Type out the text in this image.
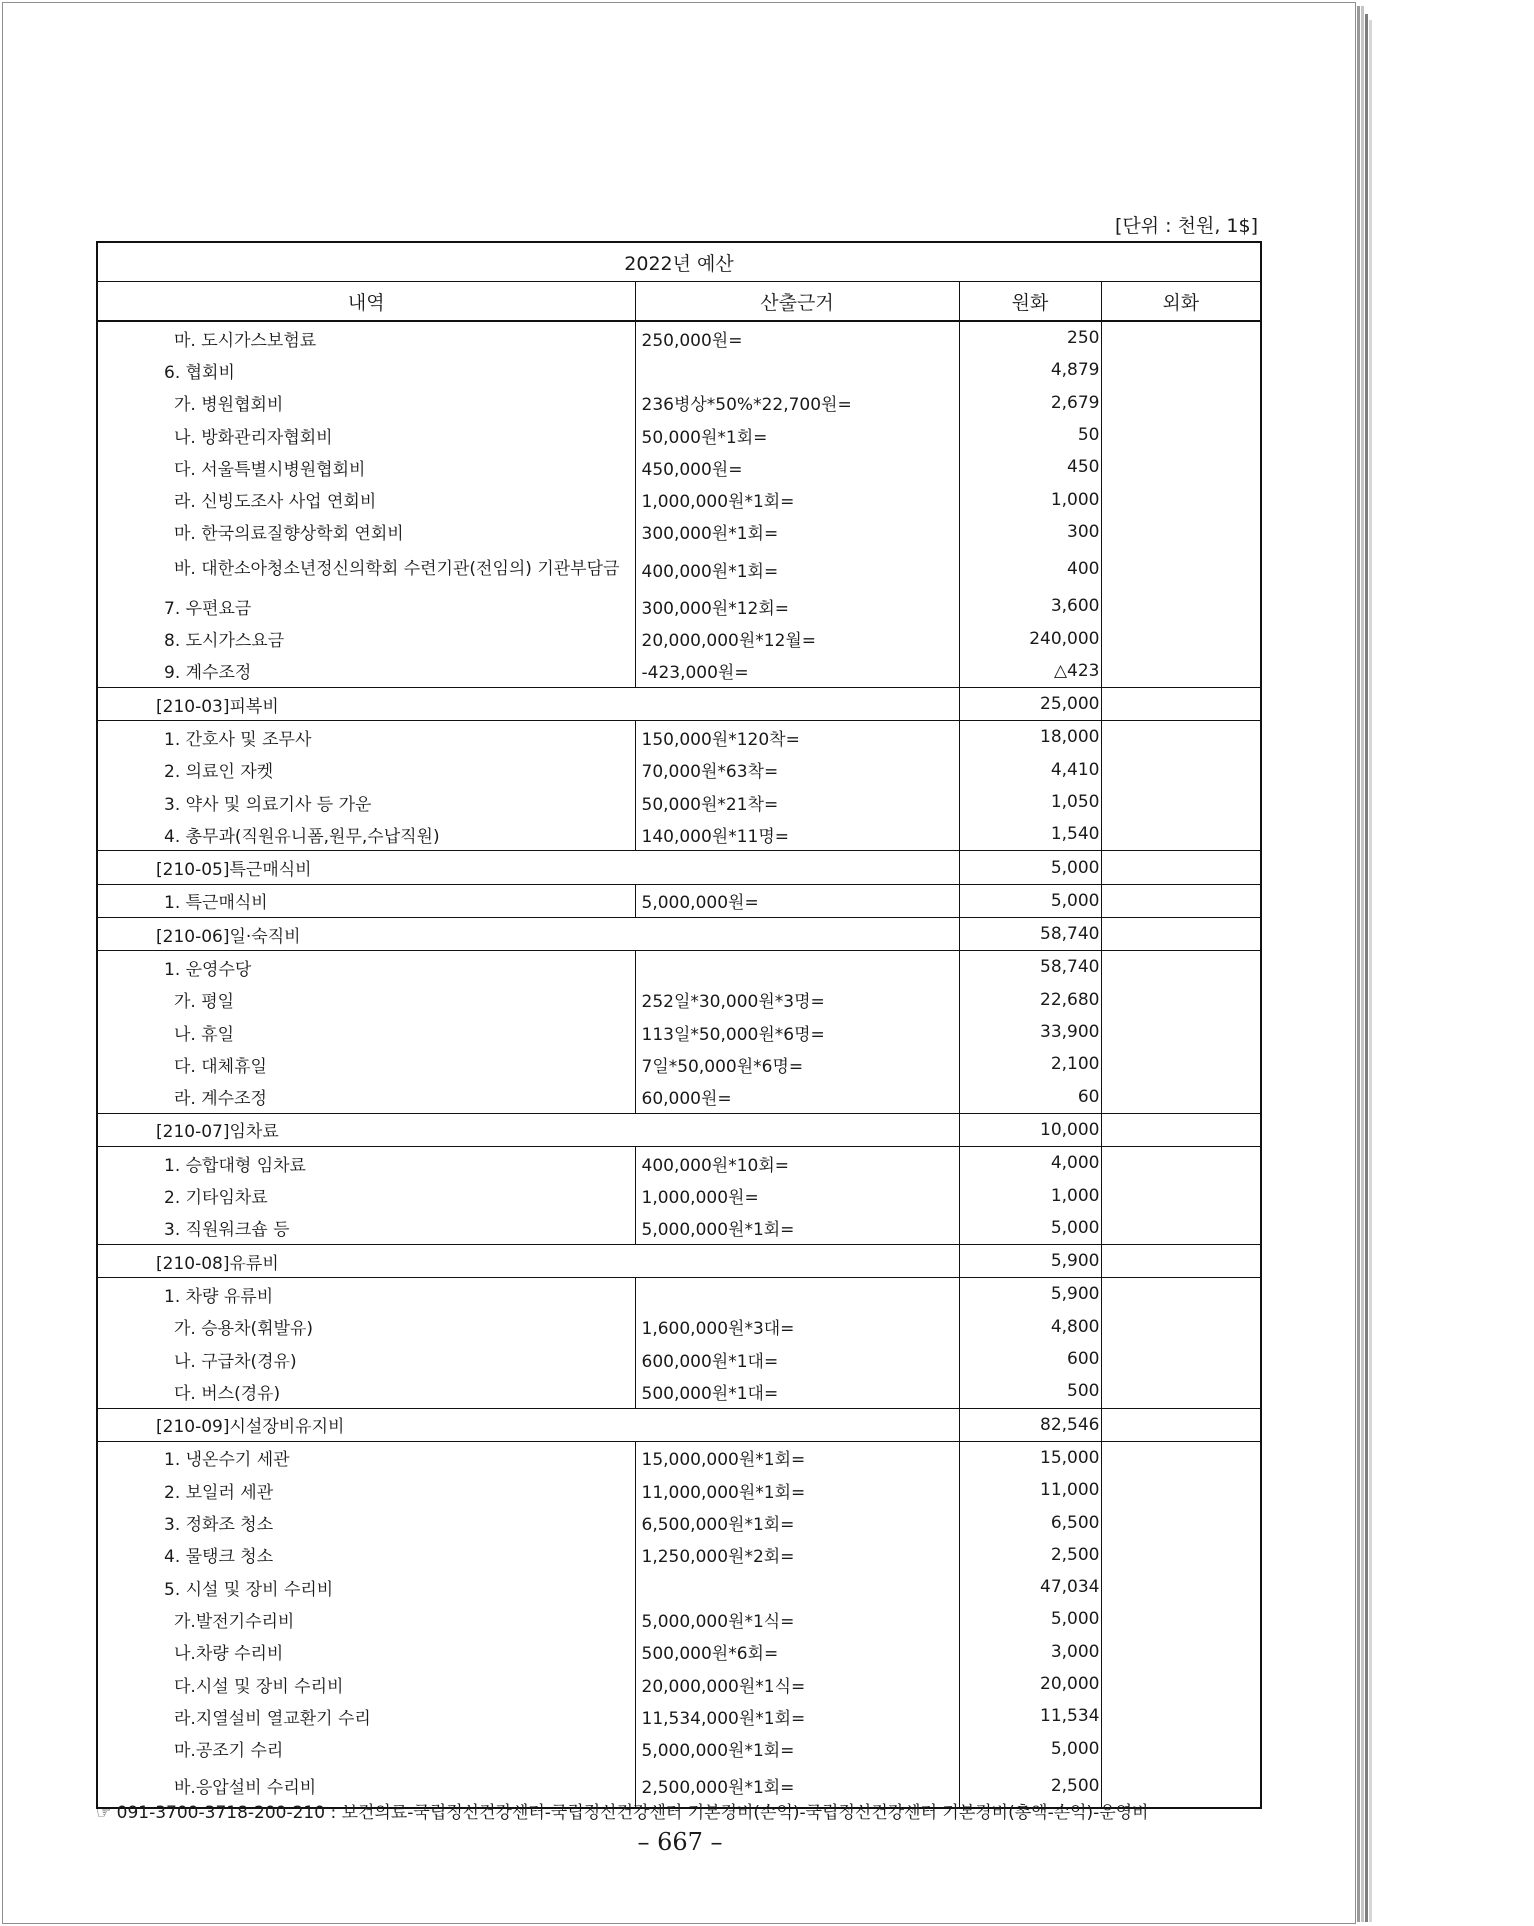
[단위 : 천원, 1$]
2022년 예산			
내역	산출근거	원화	외화
마. 도시가스보험료	250,000원=	250	
6. 협회비		4,879	
가. 병원협회비	236병상*50%*22,700원=	2,679	
나. 방화관리자협회비	50,000원*1회=	50	
다. 서울특별시병원협회비	450,000원=	450	
라. 신빙도조사 사업 연회비	1,000,000원*1회=	1,000	
마. 한국의료질향상학회 연회비	300,000원*1회=	300	

바. 대한소아청소년정신의학회 수련기관(전임의) 기관부담금	400,000원*1회=	400	
7. 우편요금	300,000원*12회=	3,600	
8. 도시가스요금	20,000,000원*12월=	240,000	
9. 계수조정	-423,000원=	△423	
[210-03]피복비		25,000	
1. 간호사 및 조무사	150,000원*120착=	18,000	
2. 의료인 자켓	70,000원*63착=	4,410	
3. 약사 및 의료기사 등 가운	50,000원*21착=	1,050	
4. 총무과(직원유니폼,원무,수납직원)	140,000원*11명=	1,540	
[210-05]특근매식비		5,000	
1. 특근매식비	5,000,000원=	5,000	
[210-06]일·숙직비		58,740	
1. 운영수당		58,740	
가. 평일	252일*30,000원*3명=	22,680	
나. 휴일	113일*50,000원*6명=	33,900	
다. 대체휴일	7일*50,000원*6명=	2,100	
라. 계수조정	60,000원=	60	
[210-07]임차료		10,000	
1. 승합대형 임차료	400,000원*10회=	4,000	
2. 기타임차료	1,000,000원=	1,000	
3. 직원워크숍 등	5,000,000원*1회=	5,000	
[210-08]유류비		5,900	
1. 차량 유류비		5,900	
가. 승용차(휘발유)	1,600,000원*3대=	4,800	
나. 구급차(경유)	600,000원*1대=	600	
다. 버스(경유)	500,000원*1대=	500	
[210-09]시설장비유지비		82,546	
1. 냉온수기 세관	15,000,000원*1회=	15,000	
2. 보일러 세관	11,000,000원*1회=	11,000	
3. 정화조 청소	6,500,000원*1회=	6,500	
4. 물탱크 청소	1,250,000원*2회=	2,500	
5. 시설 및 장비 수리비		47,034	
가.발전기수리비	5,000,000원*1식=	5,000	
나.차량 수리비	500,000원*6회=	3,000	
다.시설 및 장비 수리비	20,000,000원*1식=	20,000	
라.지열설비 열교환기 수리	11,534,000원*1회=	11,534	
마.공조기 수리	5,000,000원*1회=	5,000	
바.응압설비 수리비	2,500,000원*1회=	2,500	
☞ 091-3700-3718-200-210 : 보건의료-국립정신건강센터-국립정신건강센터 기본경비(손익)-국립정신건강센터 기본경비(총액-손익)-운영비
– 667 –
